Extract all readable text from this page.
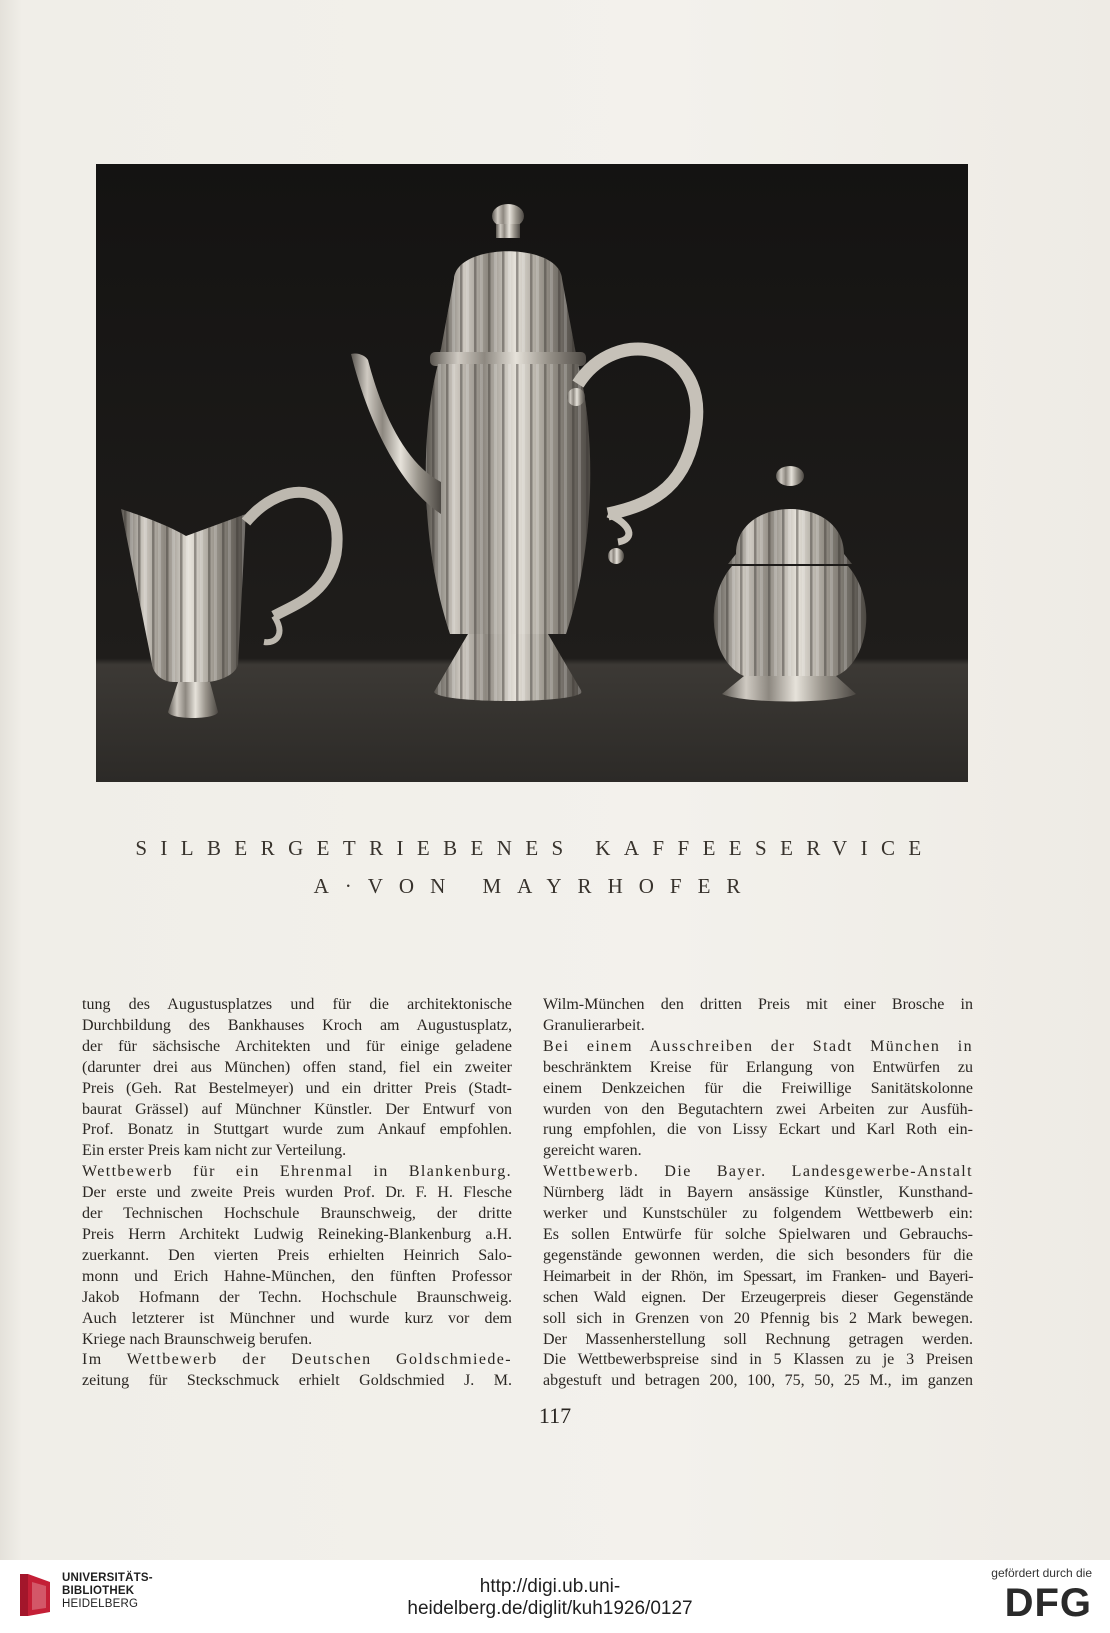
SILBERGETRIEBENES KAFFEESERVICE
A·VON MAYRHOFER

tung des Augustusplatzes und für die architektonische

Durchbildung des Bankhauses Kroch am Augustusplatz,

der für sächsische Architekten und für einige geladene

(darunter drei aus München) offen stand, fiel ein zweiter

Preis (Geh. Rat Bestelmeyer) und ein dritter Preis (Stadt-

baurat Grässel) auf Münchner Künstler. Der Entwurf von

Prof. Bonatz in Stuttgart wurde zum Ankauf empfohlen.

Ein erster Preis kam nicht zur Verteilung.

Wettbewerb für ein Ehrenmal in Blankenburg.

Der erste und zweite Preis wurden Prof. Dr. F. H. Flesche

der Technischen Hochschule Braunschweig, der dritte

Preis Herrn Architekt Ludwig Reineking-Blankenburg a.H.

zuerkannt. Den vierten Preis erhielten Heinrich Salo-

monn und Erich Hahne-München, den fünften Professor

Jakob Hofmann der Techn. Hochschule Braunschweig.

Auch letzterer ist Münchner und wurde kurz vor dem

Kriege nach Braunschweig berufen.

Im Wettbewerb der Deutschen Goldschmiede-

zeitung für Steckschmuck erhielt Goldschmied J. M.

Wilm-München den dritten Preis mit einer Brosche in

Granulierarbeit.

Bei einem Ausschreiben der Stadt München in

beschränktem Kreise für Erlangung von Entwürfen zu

einem Denkzeichen für die Freiwillige Sanitätskolonne

wurden von den Begutachtern zwei Arbeiten zur Ausfüh-

rung empfohlen, die von Lissy Eckart und Karl Roth ein-

gereicht waren.

Wettbewerb. Die Bayer. Landesgewerbe-Anstalt

Nürnberg lädt in Bayern ansässige Künstler, Kunsthand-

werker und Kunstschüler zu folgendem Wettbewerb ein:

Es sollen Entwürfe für solche Spielwaren und Gebrauchs-

gegenstände gewonnen werden, die sich besonders für die

Heimarbeit in der Rhön, im Spessart, im Franken- und Bayeri-

schen Wald eignen. Der Erzeugerpreis dieser Gegenstände

soll sich in Grenzen von 20 Pfennig bis 2 Mark bewegen.

Der Massenherstellung soll Rechnung getragen werden.

Die Wettbewerbspreise sind in 5 Klassen zu je 3 Preisen

abgestuft und betragen 200, 100, 75, 50, 25 M., im ganzen

117
UNIVERSITÄTS-
BIBLIOTHEK
HEIDELBERG
http://digi.ub.uni-heidelberg.de/diglit/kuh1926/0127
gefördert durch die
DFG
